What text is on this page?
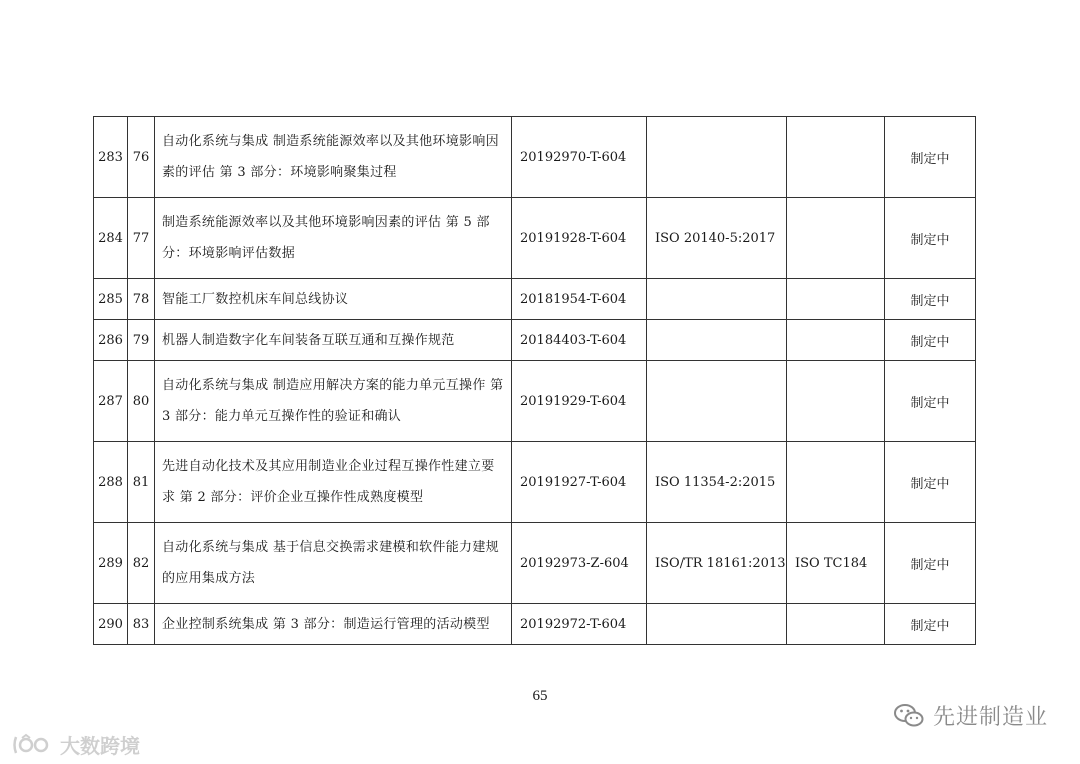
283	76	自动化系统与集成 制造系统能源效率以及其他环境影响因素的评估 第 3 部分：环境影响聚集过程	20192970-T-604			制定中
284	77	制造系统能源效率以及其他环境影响因素的评估 第 5 部分：环境影响评估数据	20191928-T-604	ISO 20140-5:2017		制定中
285	78	智能工厂数控机床车间总线协议	20181954-T-604			制定中
286	79	机器人制造数字化车间装备互联互通和互操作规范	20184403-T-604			制定中
287	80	自动化系统与集成 制造应用解决方案的能力单元互操作 第 3 部分：能力单元互操作性的验证和确认	20191929-T-604			制定中
288	81	先进自动化技术及其应用制造业企业过程互操作性建立要求 第 2 部分：评价企业互操作性成熟度模型	20191927-T-604	ISO 11354-2:2015		制定中
289	82	自动化系统与集成 基于信息交换需求建模和软件能力建规的应用集成方法	20192973-Z-604	ISO/TR 18161:2013	ISO TC184	制定中
290	83	企业控制系统集成 第 3 部分：制造运行管理的活动模型	20192972-T-604			制定中
65
先进制造业
大数跨境
